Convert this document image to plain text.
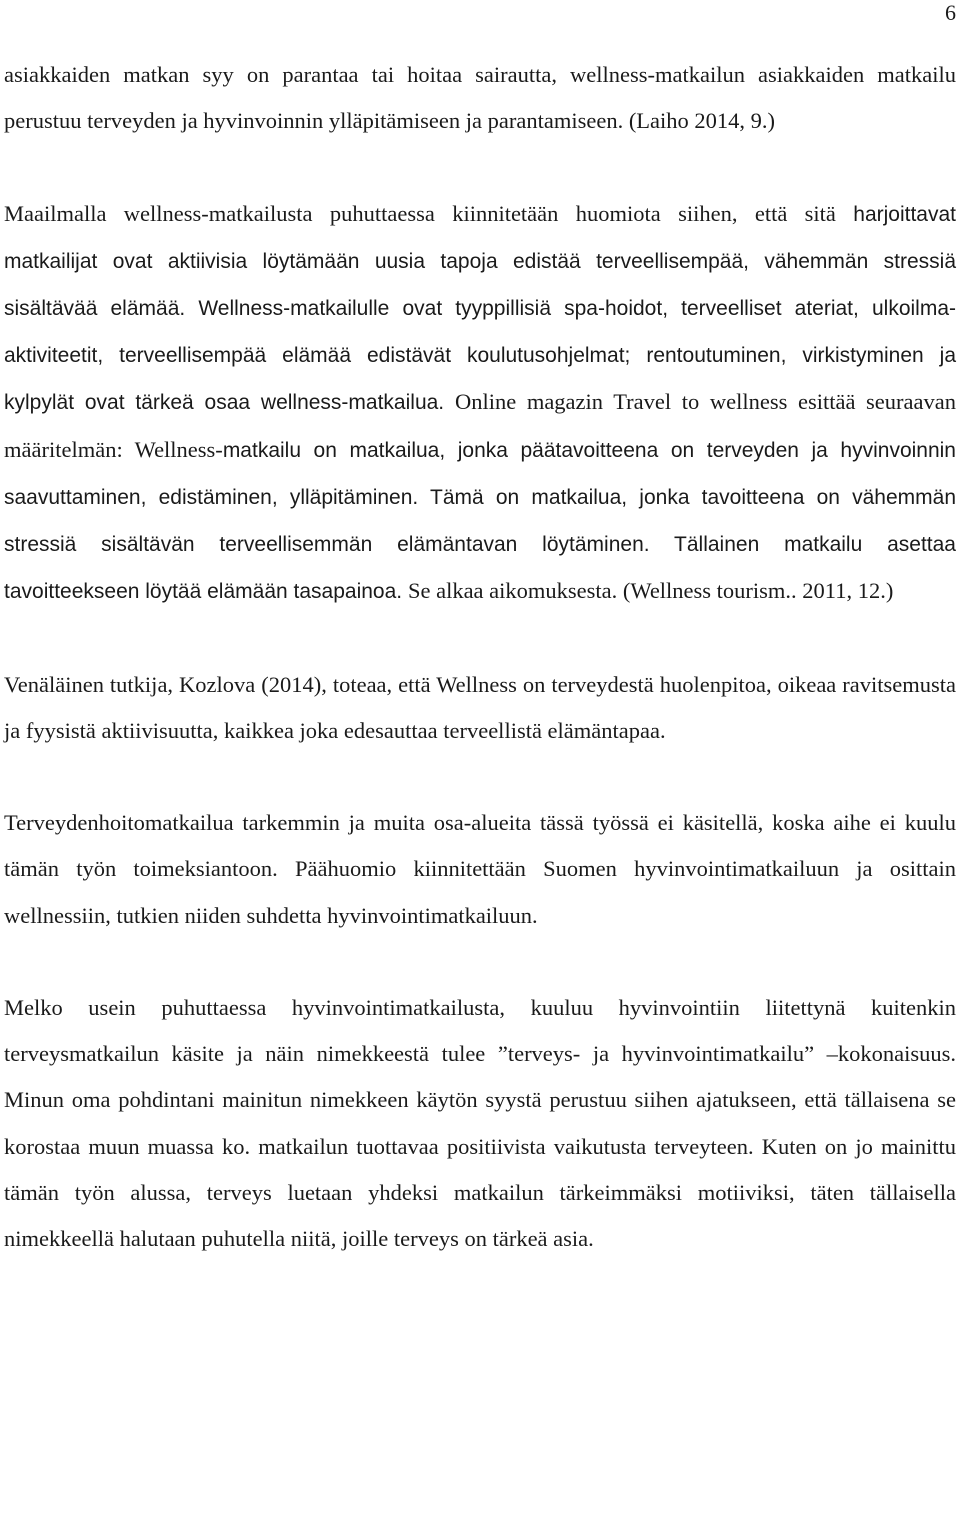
6

asiakkaiden matkan syy on parantaa tai hoitaa sairautta, wellness-matkailun asiakkaiden matkailu perustuu terveyden ja hyvinvoinnin ylläpitämiseen ja parantamiseen. (Laiho 2014, 9.)

Maailmalla wellness-matkailusta puhuttaessa kiinnitetään huomiota siihen, että sitä harjoittavat matkailijat ovat aktiivisia löytämään uusia tapoja edistää terveellisempää, vähemmän stressiä sisältävää elämää. Wellness-matkailulle ovat tyyppillisiä spa-hoidot, terveelliset ateriat, ulkoilma-aktiviteetit, terveellisempää elämää edistävät koulutusohjelmat; rentoutuminen, virkistyminen ja kylpylät ovat tärkeä osaa wellness-matkailua. Online magazin Travel to wellness esittää seuraavan määritelmän: Wellness-matkailu on matkailua, jonka päätavoitteena on terveyden ja hyvinvoinnin saavuttaminen, edistäminen, ylläpitäminen. Tämä on matkailua, jonka tavoitteena on vähemmän stressiä sisältävän terveellisemmän elämäntavan löytäminen. Tällainen matkailu asettaa tavoitteekseen löytää elämään tasapainoa. Se alkaa aikomuksesta. (Wellness tourism.. 2011, 12.)

Venäläinen tutkija, Kozlova (2014), toteaa, että Wellness on terveydestä huolenpitoa, oikeaa ravitsemusta ja fyysistä aktiivisuutta, kaikkea joka edesauttaa terveellistä elämäntapaa.

Terveydenhoitomatkailua tarkemmin ja muita osa-alueita tässä työssä ei käsitellä, koska aihe ei kuulu tämän työn toimeksiantoon. Päähuomio kiinnitettään Suomen hyvinvointimatkailuun ja osittain wellnessiin, tutkien niiden suhdetta hyvinvointimatkailuun.

Melko usein puhuttaessa hyvinvointimatkailusta, kuuluu hyvinvointiin liitettynä kuitenkin terveysmatkailun käsite ja näin nimekkeestä tulee ”terveys- ja hyvinvointimatkailu” –kokonaisuus. Minun oma pohdintani mainitun nimekkeen käytön syystä perustuu siihen ajatukseen, että tällaisena se korostaa muun muassa ko. matkailun tuottavaa positiivista vaikutusta terveyteen. Kuten on jo mainittu tämän työn alussa, terveys luetaan yhdeksi matkailun tärkeimmäksi motiiviksi, täten tällaisella nimekkeellä halutaan puhutella niitä, joille terveys on tärkeä asia.
